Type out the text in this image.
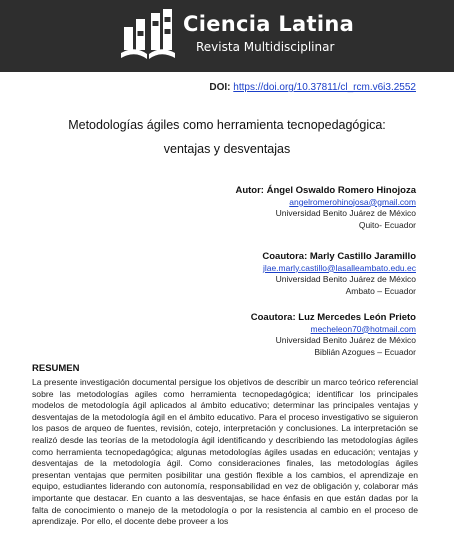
Ciencia Latina
Revista Multidisciplinar
DOI: https://doi.org/10.37811/cl_rcm.v6i3.2552
Metodologías ágiles como herramienta tecnopedagógica:
ventajas y desventajas
Autor: Ángel Oswaldo Romero Hinojoza
angelromerohinojosa@gmail.com
Universidad Benito Juárez de México
Quito- Ecuador
Coautora: Marly Castillo Jaramillo
jlae.marly.castillo@lasalleambato.edu.ec
Universidad Benito Juárez de México
Ambato – Ecuador
Coautora: Luz Mercedes León Prieto
mecheleon70@hotmail.com
Universidad Benito Juárez de México
Biblián Azogues – Ecuador
RESUMEN

La presente investigación documental persigue los objetivos de describir un marco teórico referencial sobre las metodologías agiles como herramienta tecnopedagógica; identificar los principales modelos de metodología ágil aplicados al ámbito educativo; determinar las principales ventajas y desventajas de la metodología ágil en el ámbito educativo. Para el proceso investigativo se siguieron los pasos de arqueo de fuentes, revisión, cotejo, interpretación y conclusiones. La interpretación se realizó desde las teorías de la metodología ágil identificando y describiendo las metodologías ágiles como herramienta tecnopedagógica; algunas metodologías ágiles usadas en educación; ventajas y desventajas de la metodología ágil. Como consideraciones finales, las metodologías ágiles presentan ventajas que permiten posibilitar una gestión flexible a los cambios, el aprendizaje en equipo, estudiantes liderando con autonomía, responsabilidad en vez de obligación y, colaborar más importante que destacar. En cuanto a las desventajas, se hace énfasis en que están dadas por la falta de conocimiento o manejo de la metodología o por la resistencia al cambio en el proceso de aprendizaje. Por ello, el docente debe proveer a los
